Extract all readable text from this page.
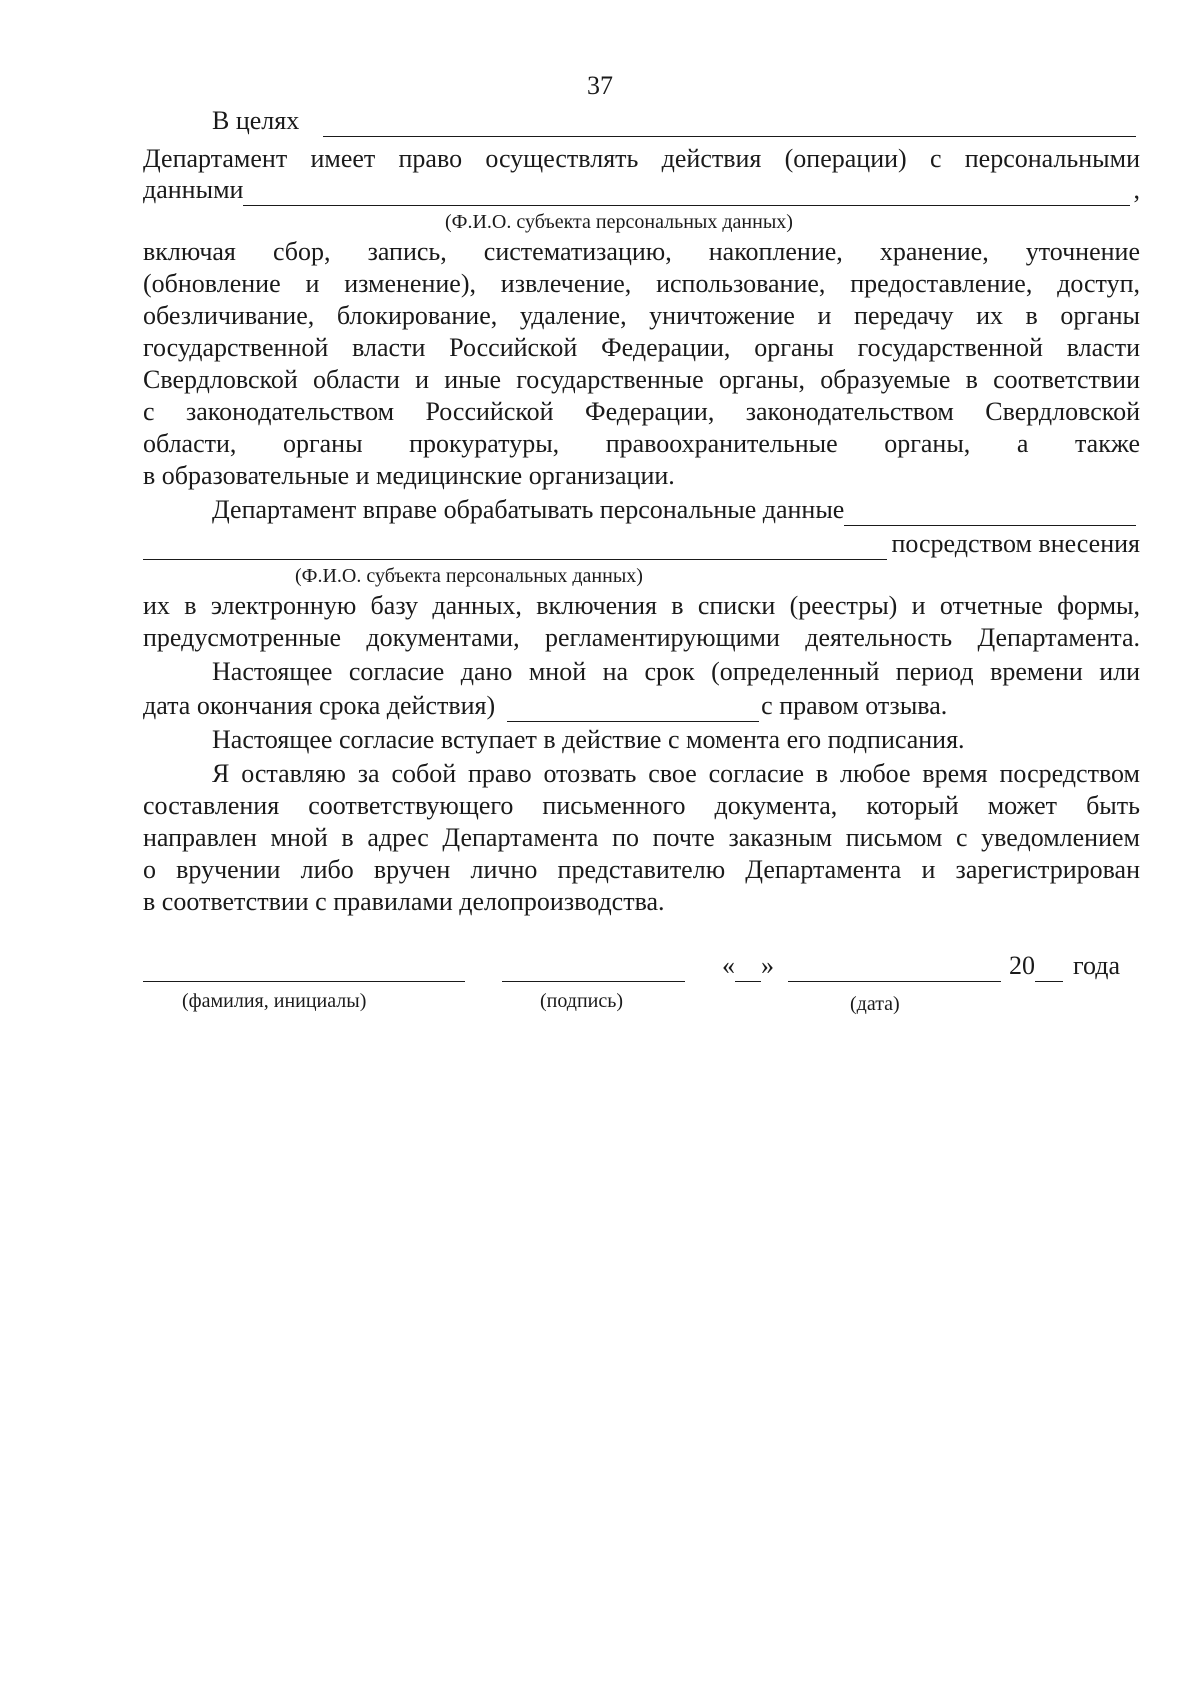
37
В целях
Департамент имеет право осуществлять действия (операции) с персональными
данными	,
(Ф.И.О. субъекта персональных данных)
включая сбор, запись, систематизацию, накопление, хранение, уточнение
(обновление и изменение), извлечение, использование, предоставление, доступ,
обезличивание, блокирование, удаление, уничтожение и передачу их в органы
государственной власти Российской Федерации, органы государственной власти
Свердловской области и иные государственные органы, образуемые в соответствии
с законодательством Российской Федерации, законодательством Свердловской
области, органы прокуратуры, правоохранительные органы, а также
в образовательные и медицинские организации.
Департамент вправе обрабатывать персональные данные
посредством внесения
(Ф.И.О. субъекта персональных данных)
их в электронную базу данных, включения в списки (реестры) и отчетные формы,
предусмотренные документами, регламентирующими деятельность Департамента.
Настоящее согласие дано мной на срок (определенный период времени или
дата окончания срока действия)	с правом отзыва.
Настоящее согласие вступает в действие с момента его подписания.
Я оставляю за собой право отозвать свое согласие в любое время посредством
составления соответствующего письменного документа, который может быть
направлен мной в адрес Департамента по почте заказным письмом с уведомлением
о вручении либо вручен лично представителю Департамента и зарегистрирован
в соответствии с правилами делопроизводства.
« »	20 года
(фамилия, инициалы)	(подпись)	(дата)
